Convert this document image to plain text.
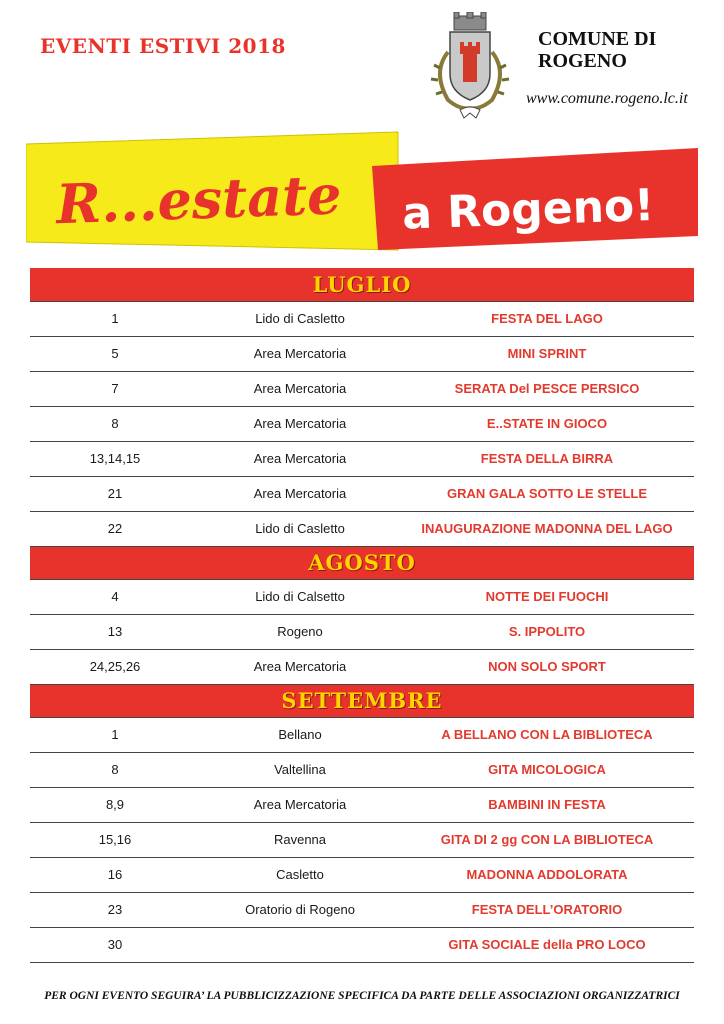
EVENTI ESTIVI 2018	COMUNE DI
ROGENO
www.comune.rogeno.lc.it
R...estate a Rogeno!
LUGLIO		
1	Lido di Casletto	FESTA DEL LAGO
5	Area Mercatoria	MINI SPRINT
7	Area Mercatoria	SERATA Del PESCE PERSICO
8	Area Mercatoria	E..STATE IN GIOCO
13,14,15	Area Mercatoria	FESTA DELLA BIRRA
21	Area Mercatoria	GRAN GALA SOTTO LE STELLE
22	Lido di Casletto	INAUGURAZIONE MADONNA DEL LAGO
AGOSTO		
4	Lido di Calsetto	NOTTE DEI FUOCHI
13	Rogeno	S. IPPOLITO
24,25,26	Area Mercatoria	NON SOLO SPORT
SETTEMBRE		
1	Bellano	A BELLANO CON LA BIBLIOTECA
8	Valtellina	GITA MICOLOGICA
8,9	Area Mercatoria	BAMBINI IN FESTA
15,16	Ravenna	GITA DI 2 gg CON LA BIBLIOTECA
16	Casletto	MADONNA ADDOLORATA
23	Oratorio di Rogeno	FESTA DELL’ORATORIO
30		GITA SOCIALE della PRO LOCO
PER OGNI EVENTO SEGUIRA’ LA PUBBLICIZZAZIONE SPECIFICA DA PARTE DELLE ASSOCIAZIONI ORGANIZZATRICI
